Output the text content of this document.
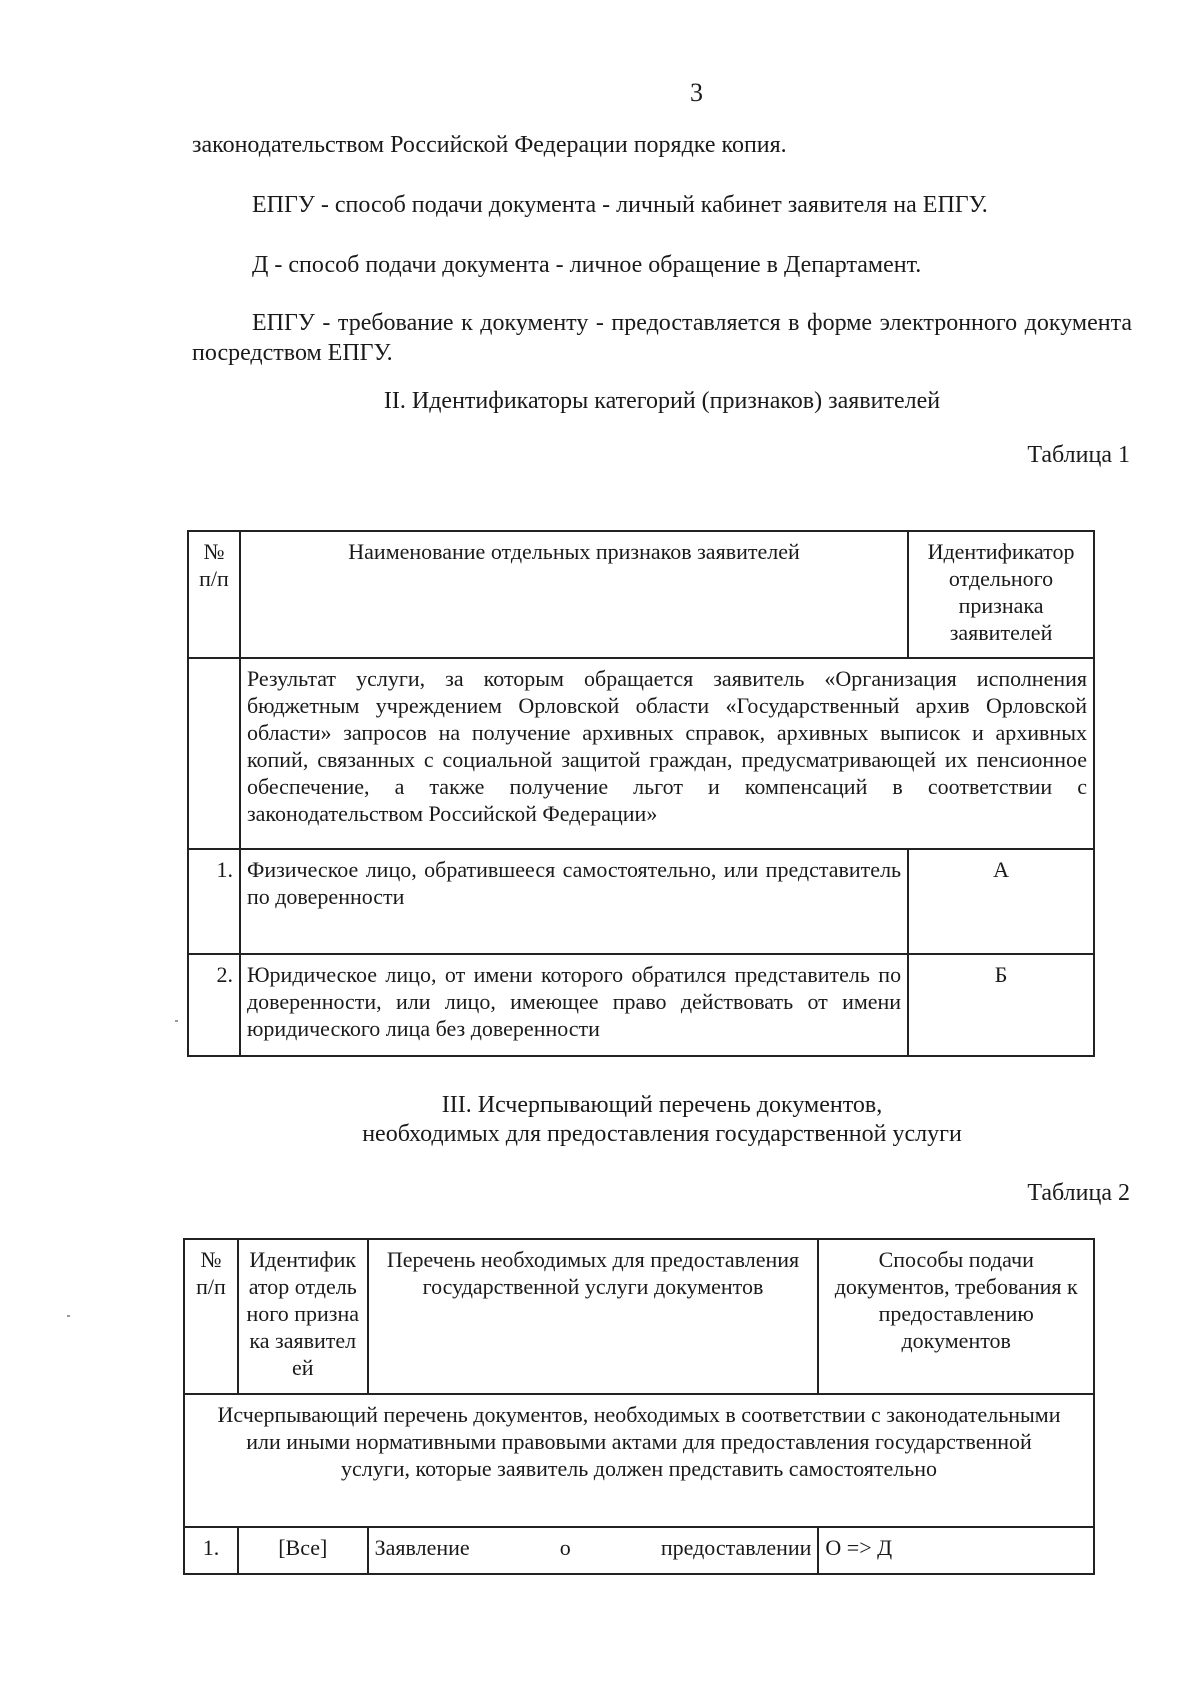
3

законодательством Российской Федерации порядке копия.

ЕПГУ - способ подачи документа - личный кабинет заявителя на ЕПГУ.

Д - способ подачи документа - личное обращение в Департамент.

ЕПГУ - требование к документу - предоставляется в форме электронного документа посредством ЕПГУ.

II. Идентификаторы категорий (признаков) заявителей
Таблица 1
№ п/п	Наименование отдельных признаков заявителей	Идентификатор отдельного признака заявителей
	Результат услуги, за которым обращается заявитель «Организация исполнения бюджетным учреждением Орловской области «Государственный архив Орловской области» запросов на получение архивных справок, архивных выписок и архивных копий, связанных с социальной защитой граждан, предусматривающей их пенсионное обеспечение, а также получение льгот и компенсаций в соответствии с законодательством Российской Федерации»	
1.	Физическое лицо, обратившееся самостоятельно, или представитель по доверенности	А
2.	Юридическое лицо, от имени которого обратился представитель по доверенности, или лицо, имеющее право действовать от имени юридического лица без доверенности	Б
III. Исчерпывающий перечень документов,
необходимых для предоставления государственной услуги
Таблица 2
№ п/п	Идентификатор отдельного признака заявителей	Перечень необходимых для предоставления государственной услуги документов	Способы подачи документов, требования к предоставлению документов
Исчерпывающий перечень документов, необходимых в соответствии с законодательными или иными нормативными правовыми актами для предоставления государственной услуги, которые заявитель должен представить самостоятельно			
1.	[Все]	Заявление о предоставлении	О => Д
